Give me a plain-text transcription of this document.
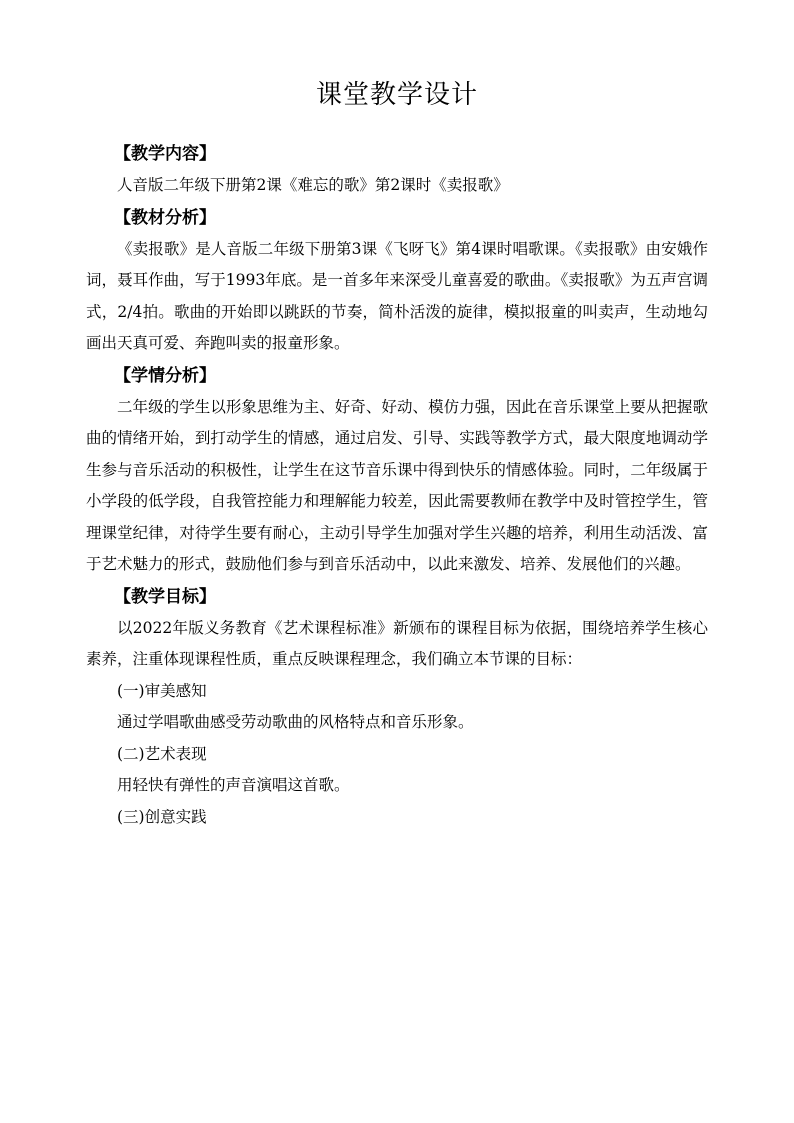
课堂教学设计

【教学内容】

人音版二年级下册第2课《难忘的歌》第2课时《卖报歌》

【教材分析】

《卖报歌》是人音版二年级下册第3课《飞呀飞》第4课时唱歌课。《卖报歌》由安娥作词，聂耳作曲，写于1993年底。是一首多年来深受儿童喜爱的歌曲。《卖报歌》为五声宫调式，2/4拍。歌曲的开始即以跳跃的节奏，简朴活泼的旋律，模拟报童的叫卖声，生动地勾画出天真可爱、奔跑叫卖的报童形象。

【学情分析】

二年级的学生以形象思维为主、好奇、好动、模仿力强，因此在音乐课堂上要从把握歌曲的情绪开始，到打动学生的情感，通过启发、引导、实践等教学方式，最大限度地调动学生参与音乐活动的积极性，让学生在这节音乐课中得到快乐的情感体验。同时，二年级属于小学段的低学段，自我管控能力和理解能力较差，因此需要教师在教学中及时管控学生，管理课堂纪律，对待学生要有耐心，主动引导学生加强对学生兴趣的培养，利用生动活泼、富于艺术魅力的形式，鼓励他们参与到音乐活动中，以此来激发、培养、发展他们的兴趣。

【教学目标】

以2022年版义务教育《艺术课程标准》新颁布的课程目标为依据，围绕培养学生核心素养，注重体现课程性质，重点反映课程理念，我们确立本节课的目标：

(一)审美感知

通过学唱歌曲感受劳动歌曲的风格特点和音乐形象。

(二)艺术表现

用轻快有弹性的声音演唱这首歌。

(三)创意实践
